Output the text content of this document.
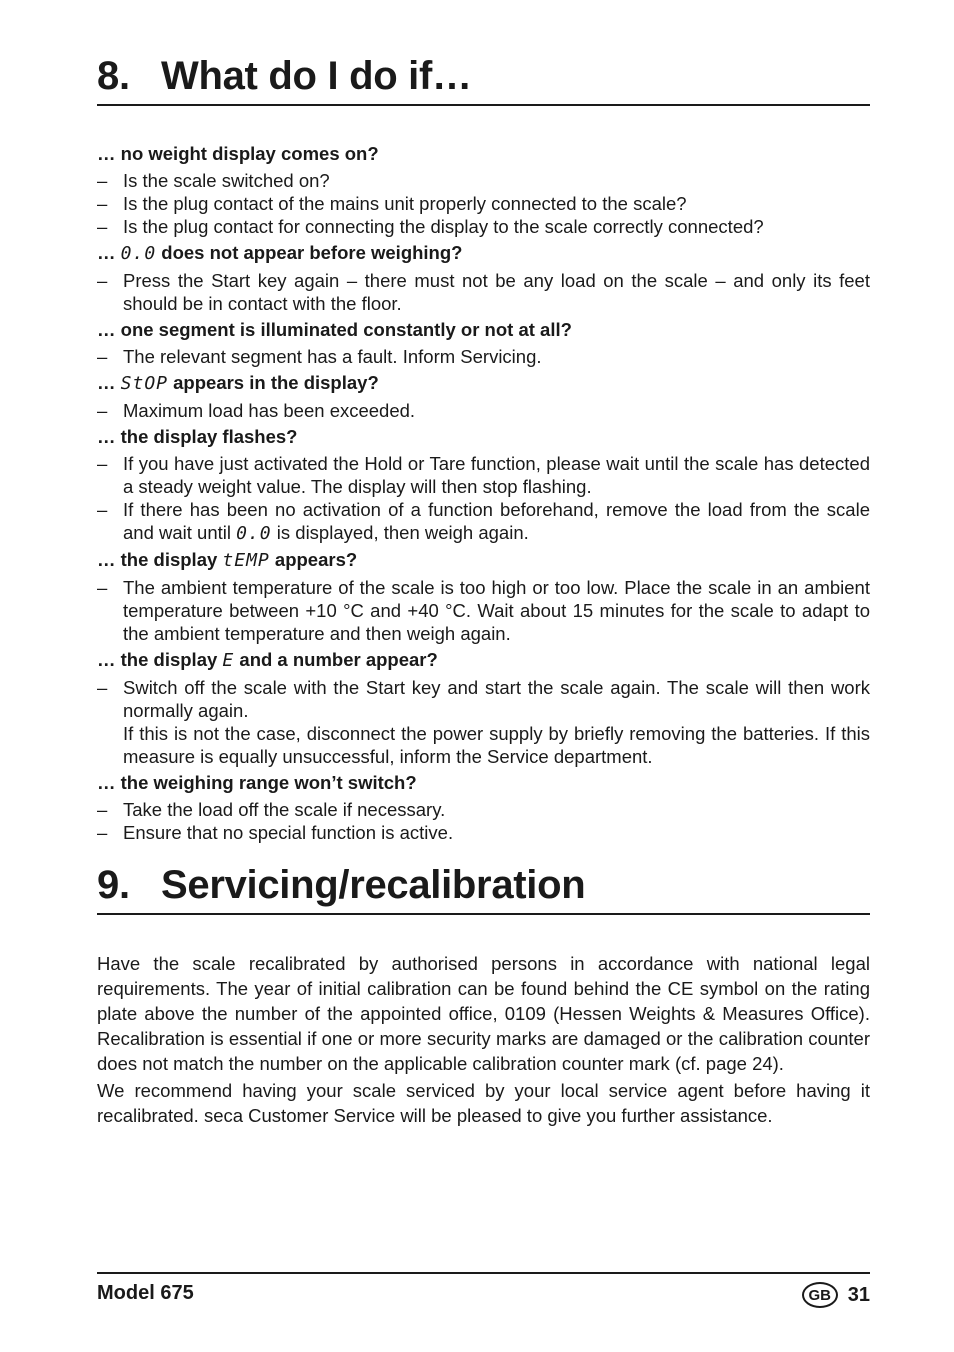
8. What do I do if…

… no weight display comes on?

– Is the scale switched on?

– Is the plug contact of the mains unit properly connected to the scale?

– Is the plug contact for connecting the display to the scale correctly connected?

… 0.0 does not appear before weighing?

– Press the Start key again – there must not be any load on the scale – and only its feet should be in contact with the floor.

… one segment is illuminated constantly or not at all?

– The relevant segment has a fault. Inform Servicing.

… StOP appears in the display?

– Maximum load has been exceeded.

… the display flashes?

– If you have just activated the Hold or Tare function, please wait until the scale has detected a steady weight value. The display will then stop flashing.

– If there has been no activation of a function beforehand, remove the load from the scale and wait until 0.0 is displayed, then weigh again.

… the display tEMP appears?

– The ambient temperature of the scale is too high or too low. Place the scale in an ambient temperature between +10 °C and +40 °C. Wait about 15 minutes for the scale to adapt to the ambient temperature and then weigh again.

… the display E and a number appear?

– Switch off the scale with the Start key and start the scale again. The scale will then work normally again.

If this is not the case, disconnect the power supply by briefly removing the batteries. If this measure is equally unsuccessful, inform the Service department.

… the weighing range won’t switch?

– Take the load off the scale if necessary.

– Ensure that no special function is active.

9. Servicing/recalibration

Have the scale recalibrated by authorised persons in accordance with national legal requirements. The year of initial calibration can be found behind the CE symbol on the rating plate above the number of the appointed office, 0109 (Hessen Weights & Measures Office). Recalibration is essential if one or more security marks are damaged or the calibration counter does not match the number on the applicable calibration counter mark (cf. page 24).

We recommend having your scale serviced by your local service agent before having it recalibrated. seca Customer Service will be pleased to give you further assistance.

Model 675	GB 31
